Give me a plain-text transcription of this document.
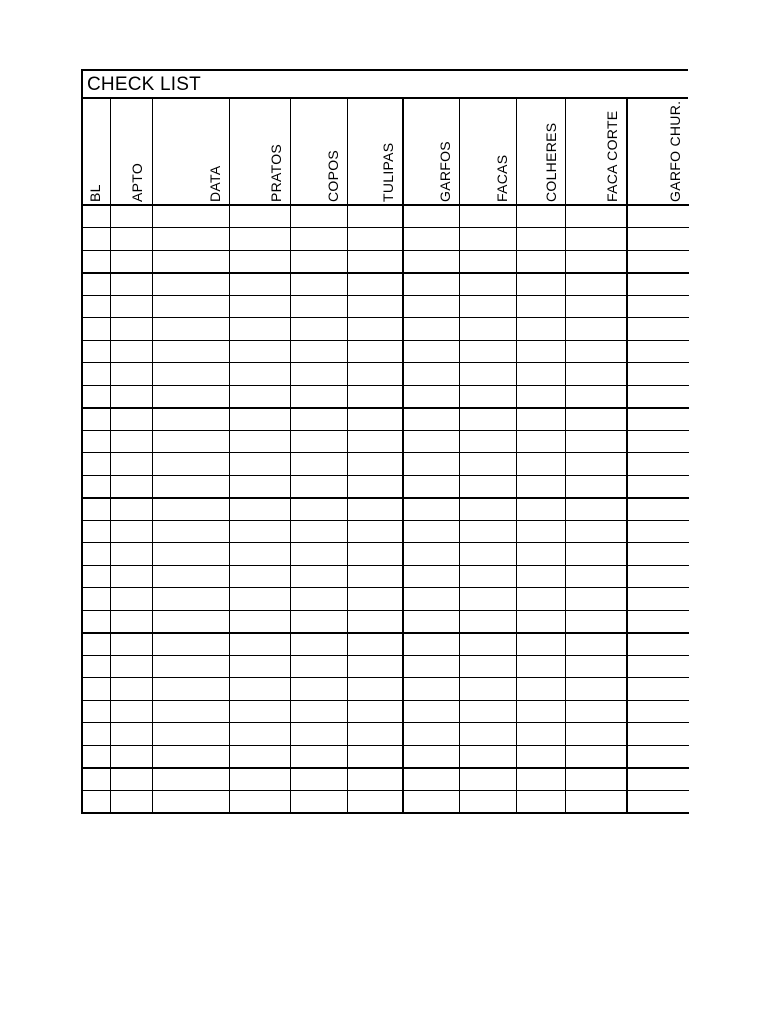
CHECK LIST
BL	APTO	DATA	PRATOS	COPOS	TULIPAS	GARFOS	FACAS	COLHERES	FACA CORTE	GARFO CHUR.
